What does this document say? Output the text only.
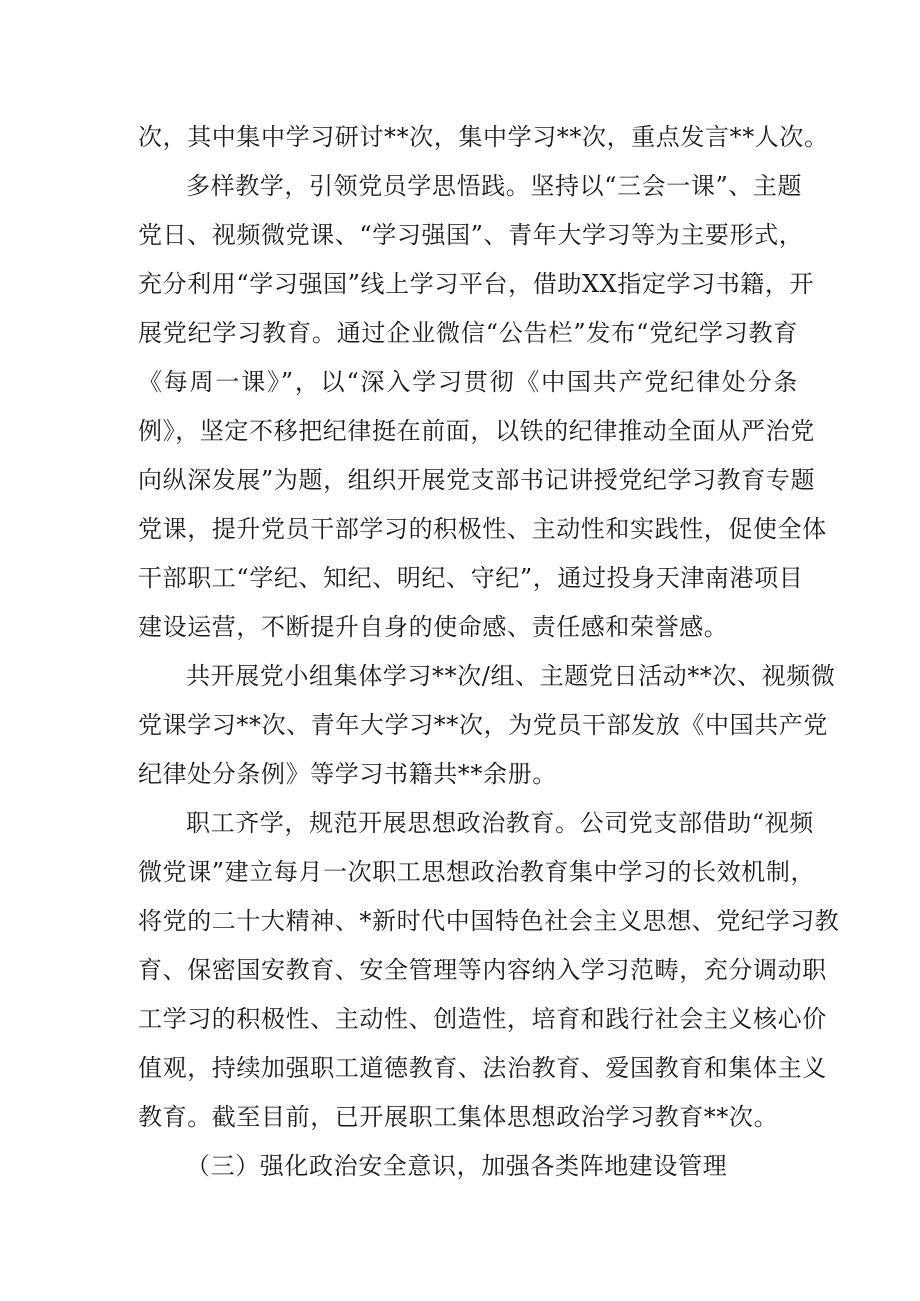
次，其中集中学习研讨**次，集中学习**次，重点发言**人次。
多样教学，引领党员学思悟践。坚持以“三会一课”、主题
党日、视频微党课、“学习强国”、青年大学习等为主要形式，
充分利用“学习强国”线上学习平台，借助XX指定学习书籍，开
展党纪学习教育。通过企业微信“公告栏”发布“党纪学习教育
《每周一课》”，以“深入学习贯彻《中国共产党纪律处分条
例》，坚定不移把纪律挺在前面，以铁的纪律推动全面从严治党
向纵深发展”为题，组织开展党支部书记讲授党纪学习教育专题
党课，提升党员干部学习的积极性、主动性和实践性，促使全体
干部职工“学纪、知纪、明纪、守纪”，通过投身天津南港项目
建设运营，不断提升自身的使命感、责任感和荣誉感。
共开展党小组集体学习**次/组、主题党日活动**次、视频微
党课学习**次、青年大学习**次，为党员干部发放《中国共产党
纪律处分条例》等学习书籍共**余册。
职工齐学，规范开展思想政治教育。公司党支部借助“视频
微党课”建立每月一次职工思想政治教育集中学习的长效机制，
将党的二十大精神、*新时代中国特色社会主义思想、党纪学习教
育、保密国安教育、安全管理等内容纳入学习范畴，充分调动职
工学习的积极性、主动性、创造性，培育和践行社会主义核心价
值观，持续加强职工道德教育、法治教育、爱国教育和集体主义
教育。截至目前，已开展职工集体思想政治学习教育**次。
（三）强化政治安全意识，加强各类阵地建设管理
